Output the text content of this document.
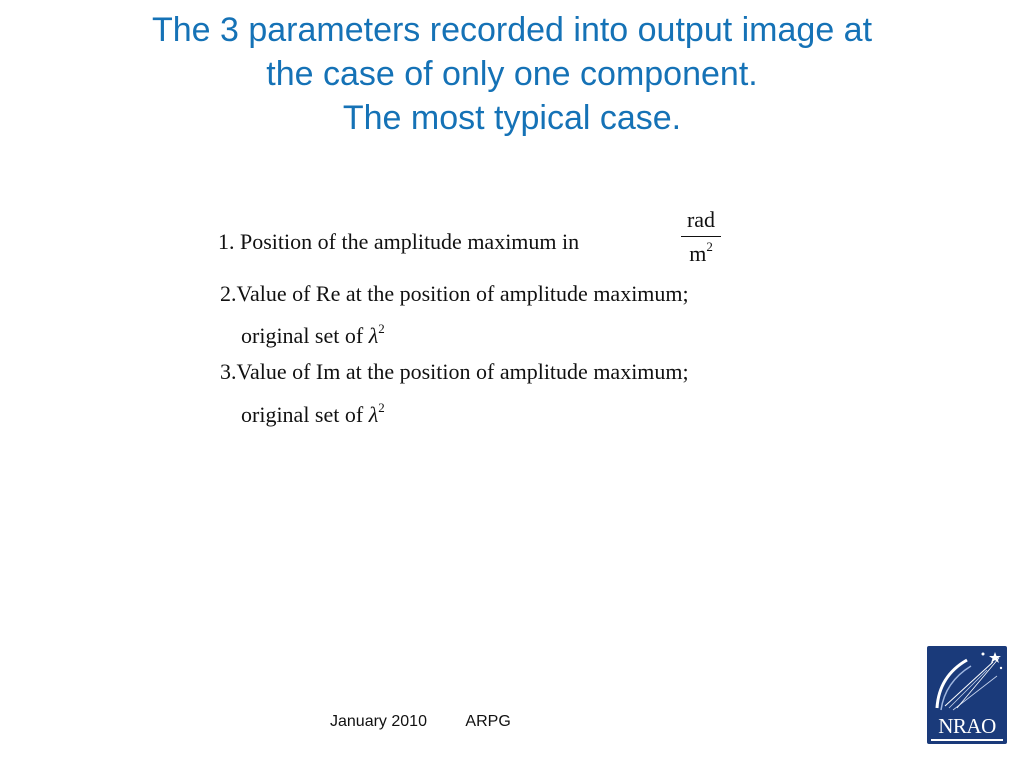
The 3 parameters recorded into output image at
the case of only one component.
The most typical case.
1. Position of the amplitude maximum in
rad
$m^2$
2.Value of Re at the position of amplitude maximum;
original set of $\lambda^2$
3.Value of Im at the position of amplitude maximum;
original set of $\lambda^2$
January 2010 ARPG	NRAO
